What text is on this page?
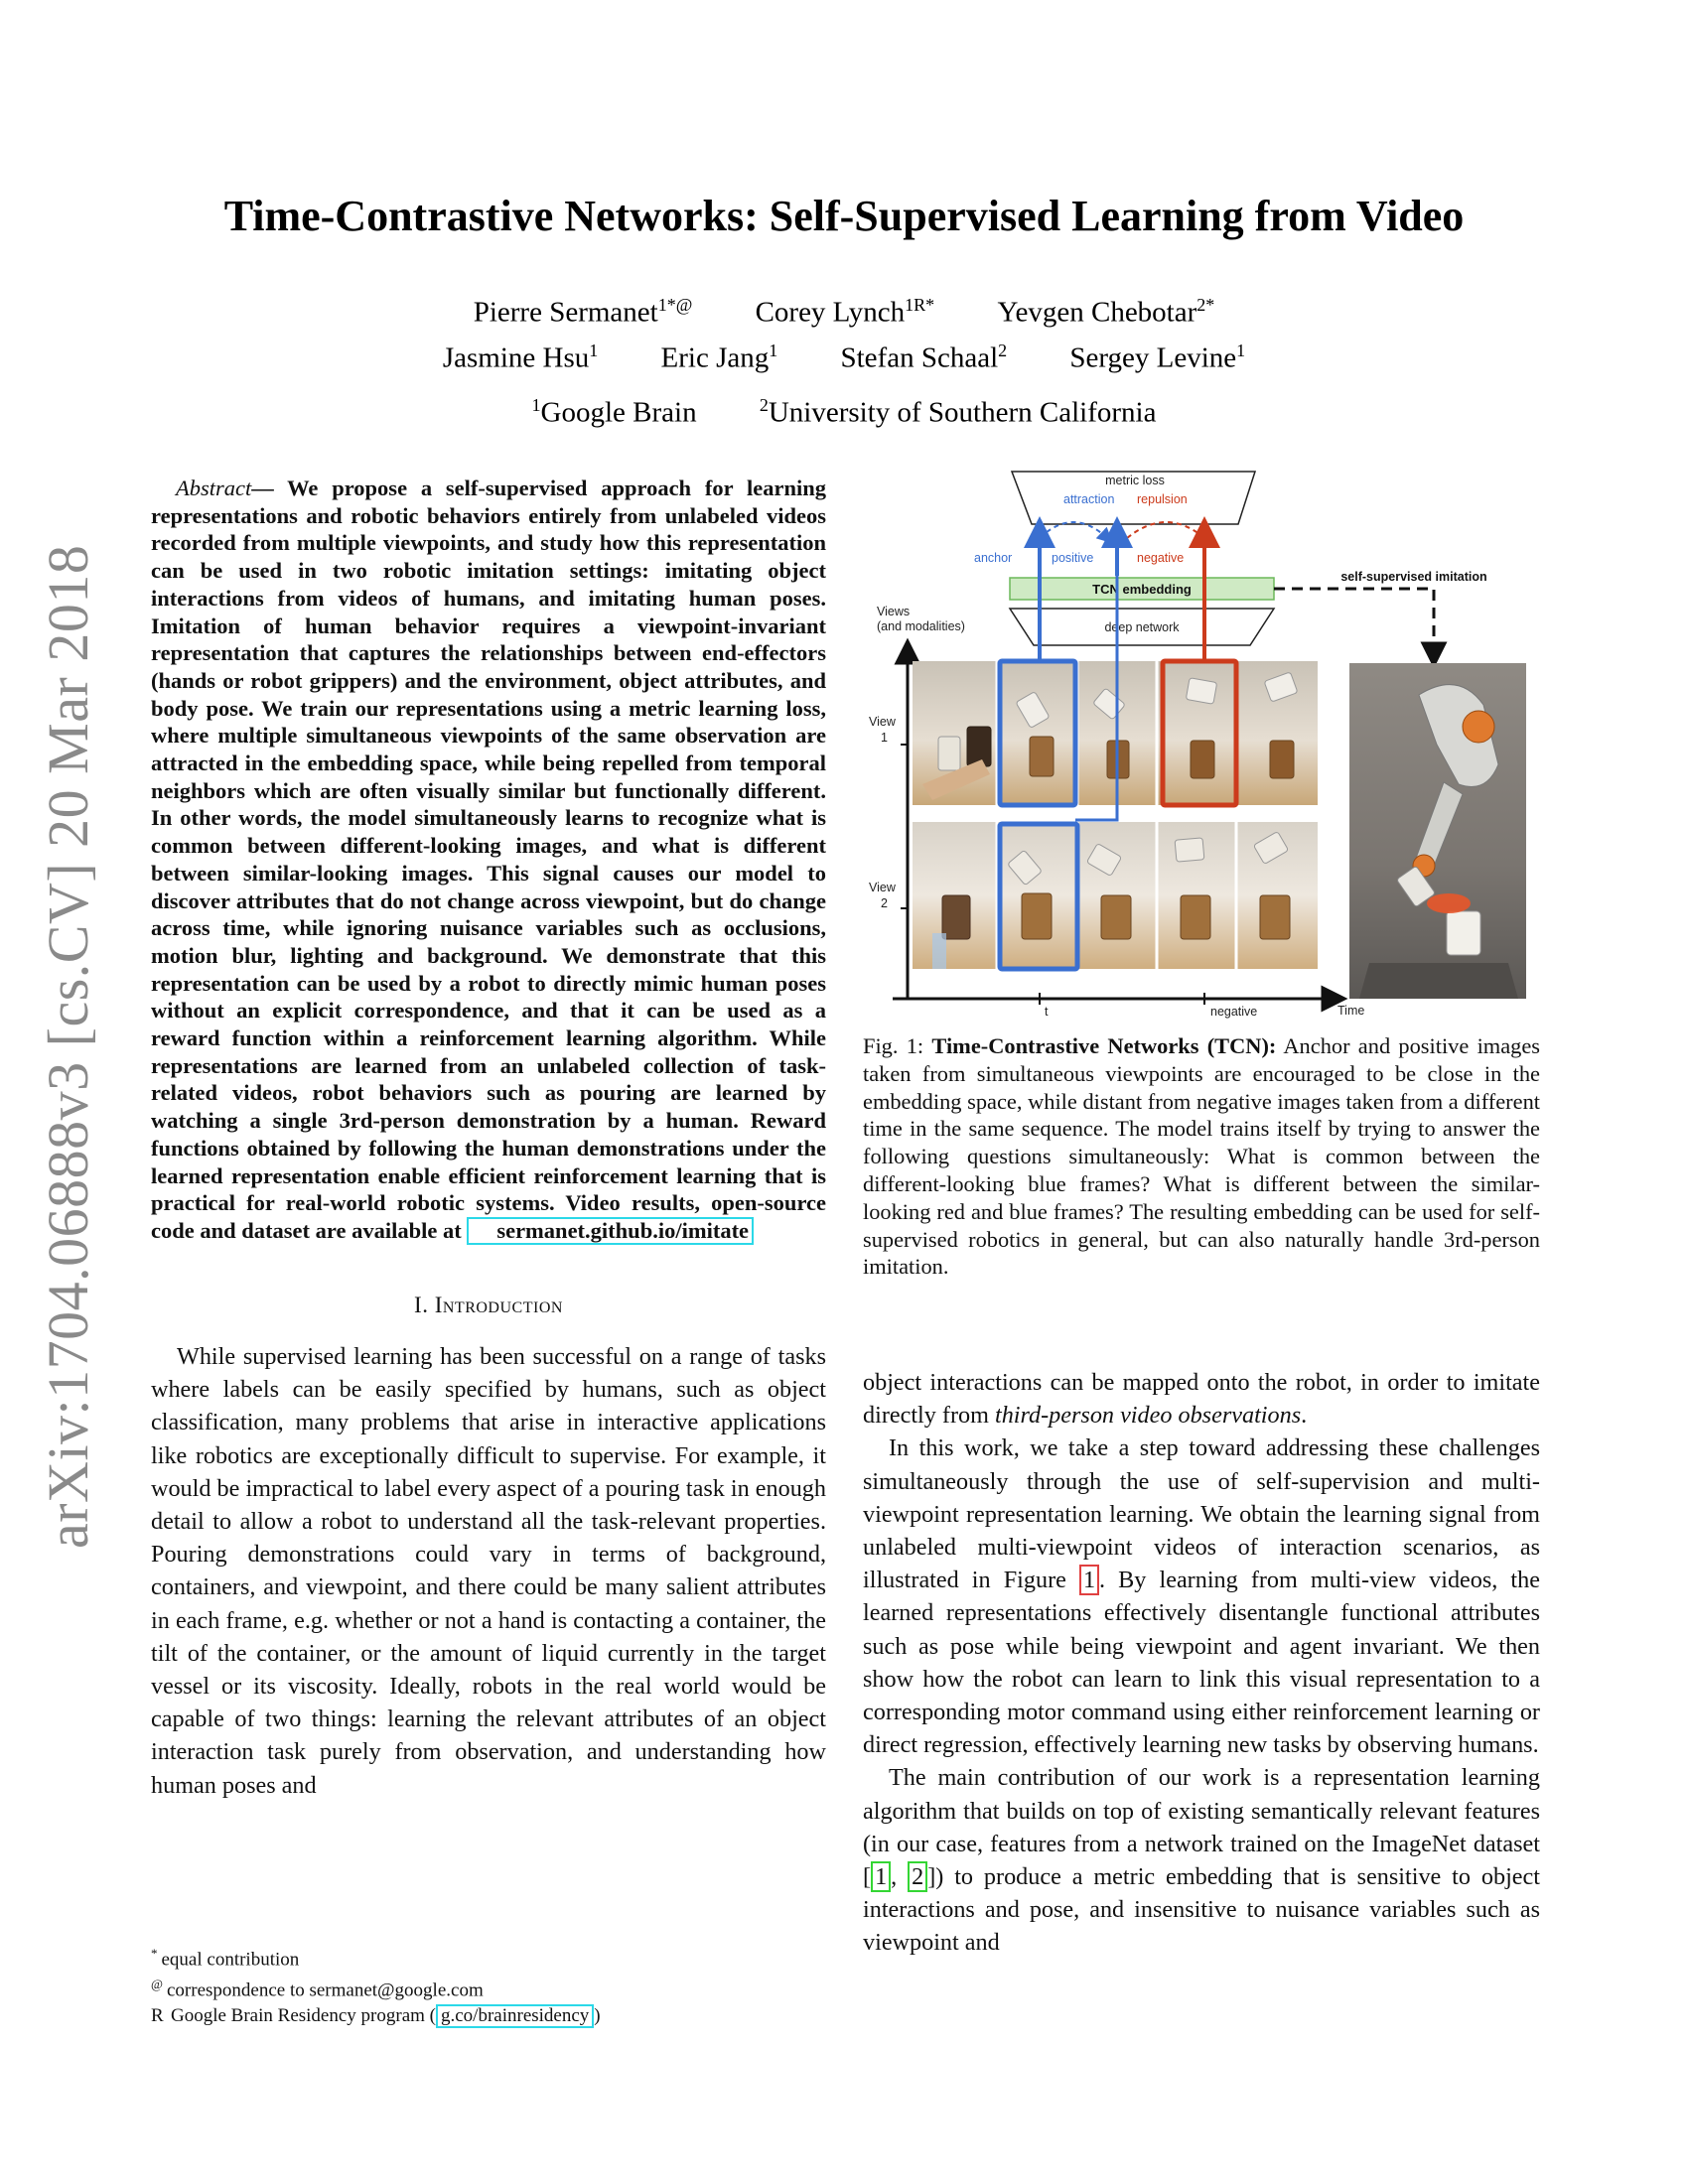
arXiv:1704.06888v3 [cs.CV] 20 Mar 2018
Time-Contrastive Networks: Self-Supervised Learning from Video
Pierre Sermanet$^{1*@}$ Corey Lynch$^{1R*}$ Yevgen Chebotar$^{2*}$
Jasmine Hsu$^1$ Eric Jang$^1$ Stefan Schaal$^2$ Sergey Levine$^1$
$^1$Google Brain	$^2$University of Southern California

Abstract— We propose a self-supervised approach for learning representations and robotic behaviors entirely from unlabeled videos recorded from multiple viewpoints, and study how this representation can be used in two robotic imitation settings: imitating object interactions from videos of humans, and imitating human poses. Imitation of human behavior requires a viewpoint-invariant representation that captures the relationships between end-effectors (hands or robot grippers) and the environment, object attributes, and body pose. We train our representations using a metric learning loss, where multiple simultaneous viewpoints of the same observation are attracted in the embedding space, while being repelled from temporal neighbors which are often visually similar but functionally different. In other words, the model simultaneously learns to recognize what is common between different-looking images, and what is different between similar-looking images. This signal causes our model to discover attributes that do not change across viewpoint, but do change across time, while ignoring nuisance variables such as occlusions, motion blur, lighting and background. We demonstrate that this representation can be used by a robot to directly mimic human poses without an explicit correspondence, and that it can be used as a reward function within a reinforcement learning algorithm. While representations are learned from an unlabeled collection of task-related videos, robot behaviors such as pouring are learned by watching a single 3rd-person demonstration by a human. Reward functions obtained by following the human demonstrations under the learned representation enable efficient reinforcement learning that is practical for real-world robotic systems. Video results, open-source code and dataset are available at sermanet.github.io/imitate

I. Introduction

While supervised learning has been successful on a range of tasks where labels can be easily specified by humans, such as object classification, many problems that arise in interactive applications like robotics are exceptionally difficult to supervise. For example, it would be impractical to label every aspect of a pouring task in enough detail to allow a robot to understand all the task-relevant properties. Pouring demonstrations could vary in terms of background, containers, and viewpoint, and there could be many salient attributes in each frame, e.g. whether or not a hand is contacting a container, the tilt of the container, or the amount of liquid currently in the target vessel or its viscosity. Ideally, robots in the real world would be capable of two things: learning the relevant attributes of an object interaction task purely from observation, and understanding how human poses and

metric loss
attraction repulsion
anchor	positive	negative
TCN embedding
self-supervised imitation
deep network
Views
(and modalities)
View
1
View
2
t	negative	Time
Fig. 1: Time-Contrastive Networks (TCN): Anchor and positive images taken from simultaneous viewpoints are encouraged to be close in the embedding space, while distant from negative images taken from a different time in the same sequence. The model trains itself by trying to answer the following questions simultaneously: What is common between the different-looking blue frames? What is different between the similar-looking red and blue frames? The resulting embedding can be used for self-supervised robotics in general, but can also naturally handle 3rd-person imitation.

object interactions can be mapped onto the robot, in order to imitate directly from third-person video observations.

In this work, we take a step toward addressing these challenges simultaneously through the use of self-supervision and multi-viewpoint representation learning. We obtain the learning signal from unlabeled multi-viewpoint videos of interaction scenarios, as illustrated in Figure 1 . By learning from multi-view videos, the learned representations effectively disentangle functional attributes such as pose while being viewpoint and agent invariant. We then show how the robot can learn to link this visual representation to a corresponding motor command using either reinforcement learning or direct regression, effectively learning new tasks by observing humans.

The main contribution of our work is a representation learning algorithm that builds on top of existing semantically relevant features (in our case, features from a network trained on the ImageNet dataset [ 1 , 2 ]) to produce a metric embedding that is sensitive to object interactions and pose, and insensitive to nuisance variables such as viewpoint and

* equal contribution
@ correspondence to sermanet@google.com
R Google Brain Residency program ( g.co/brainresidency )
